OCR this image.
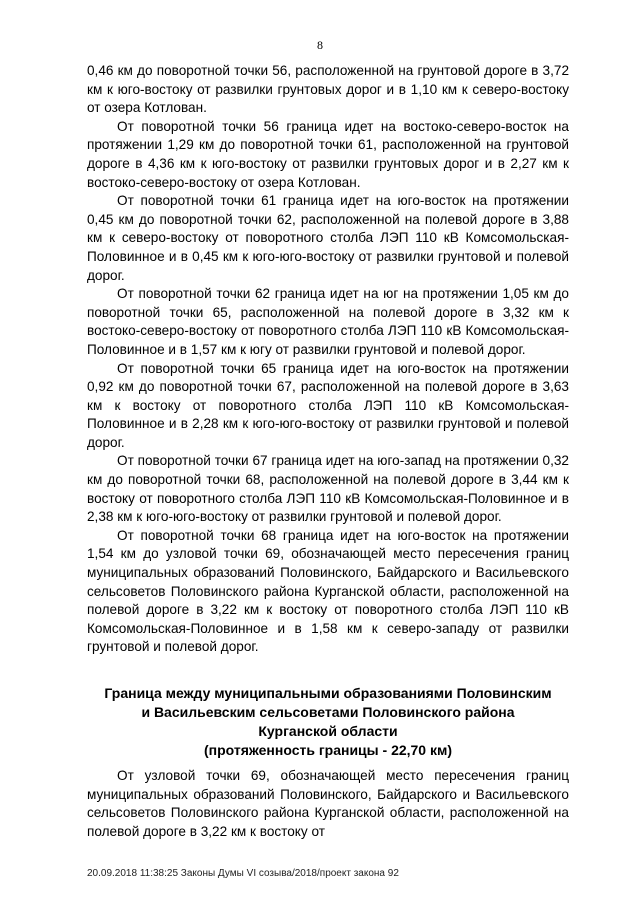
8

0,46 км до поворотной точки 56, расположенной на грунтовой дороге в 3,72 км к юго-востоку от развилки грунтовых дорог и в 1,10 км к северо-востоку от озера Котлован.

От поворотной точки 56 граница идет на востоко-северо-восток на протяжении 1,29 км до поворотной точки 61, расположенной на грунтовой дороге в 4,36 км к юго-востоку от развилки грунтовых дорог и в 2,27 км к востоко-северо-востоку от озера Котлован.

От поворотной точки 61 граница идет на юго-восток на протяжении 0,45 км до поворотной точки 62, расположенной на полевой дороге в 3,88 км к северо-востоку от поворотного столба ЛЭП 110 кВ Комсомольская-Половинное и в 0,45 км к юго-юго-востоку от развилки грунтовой и полевой дорог.

От поворотной точки 62 граница идет на юг на протяжении 1,05 км до поворотной точки 65, расположенной на полевой дороге в 3,32 км к востоко-северо-востоку от поворотного столба ЛЭП 110 кВ Комсомольская-Половинное и в 1,57 км к югу от развилки грунтовой и полевой дорог.

От поворотной точки 65 граница идет на юго-восток на протяжении 0,92 км до поворотной точки 67, расположенной на полевой дороге в 3,63 км к востоку от поворотного столба ЛЭП 110 кВ Комсомольская-Половинное и в 2,28 км к юго-юго-востоку от развилки грунтовой и полевой дорог.

От поворотной точки 67 граница идет на юго-запад на протяжении 0,32 км до поворотной точки 68, расположенной на полевой дороге в 3,44 км к востоку от поворотного столба ЛЭП 110 кВ Комсомольская-Половинное и в 2,38 км к юго-юго-востоку от развилки грунтовой и полевой дорог.

От поворотной точки 68 граница идет на юго-восток на протяжении 1,54 км до узловой точки 69, обозначающей место пересечения границ муниципальных образований Половинского, Байдарского и Васильевского сельсоветов Половинского района Курганской области, расположенной на полевой дороге в 3,22 км к востоку от поворотного столба ЛЭП 110 кВ Комсомольская-Половинное и в 1,58 км к северо-западу от развилки грунтовой и полевой дорог.

Граница между муниципальными образованиями Половинским
и Васильевским сельсоветами Половинского района
Курганской области
(протяженность границы - 22,70 км)

От узловой точки 69, обозначающей место пересечения границ муниципальных образований Половинского, Байдарского и Васильевского сельсоветов Половинского района Курганской области, расположенной на полевой дороге в 3,22 км к востоку от

20.09.2018 11:38:25 Законы Думы VI созыва/2018/проект закона 92
